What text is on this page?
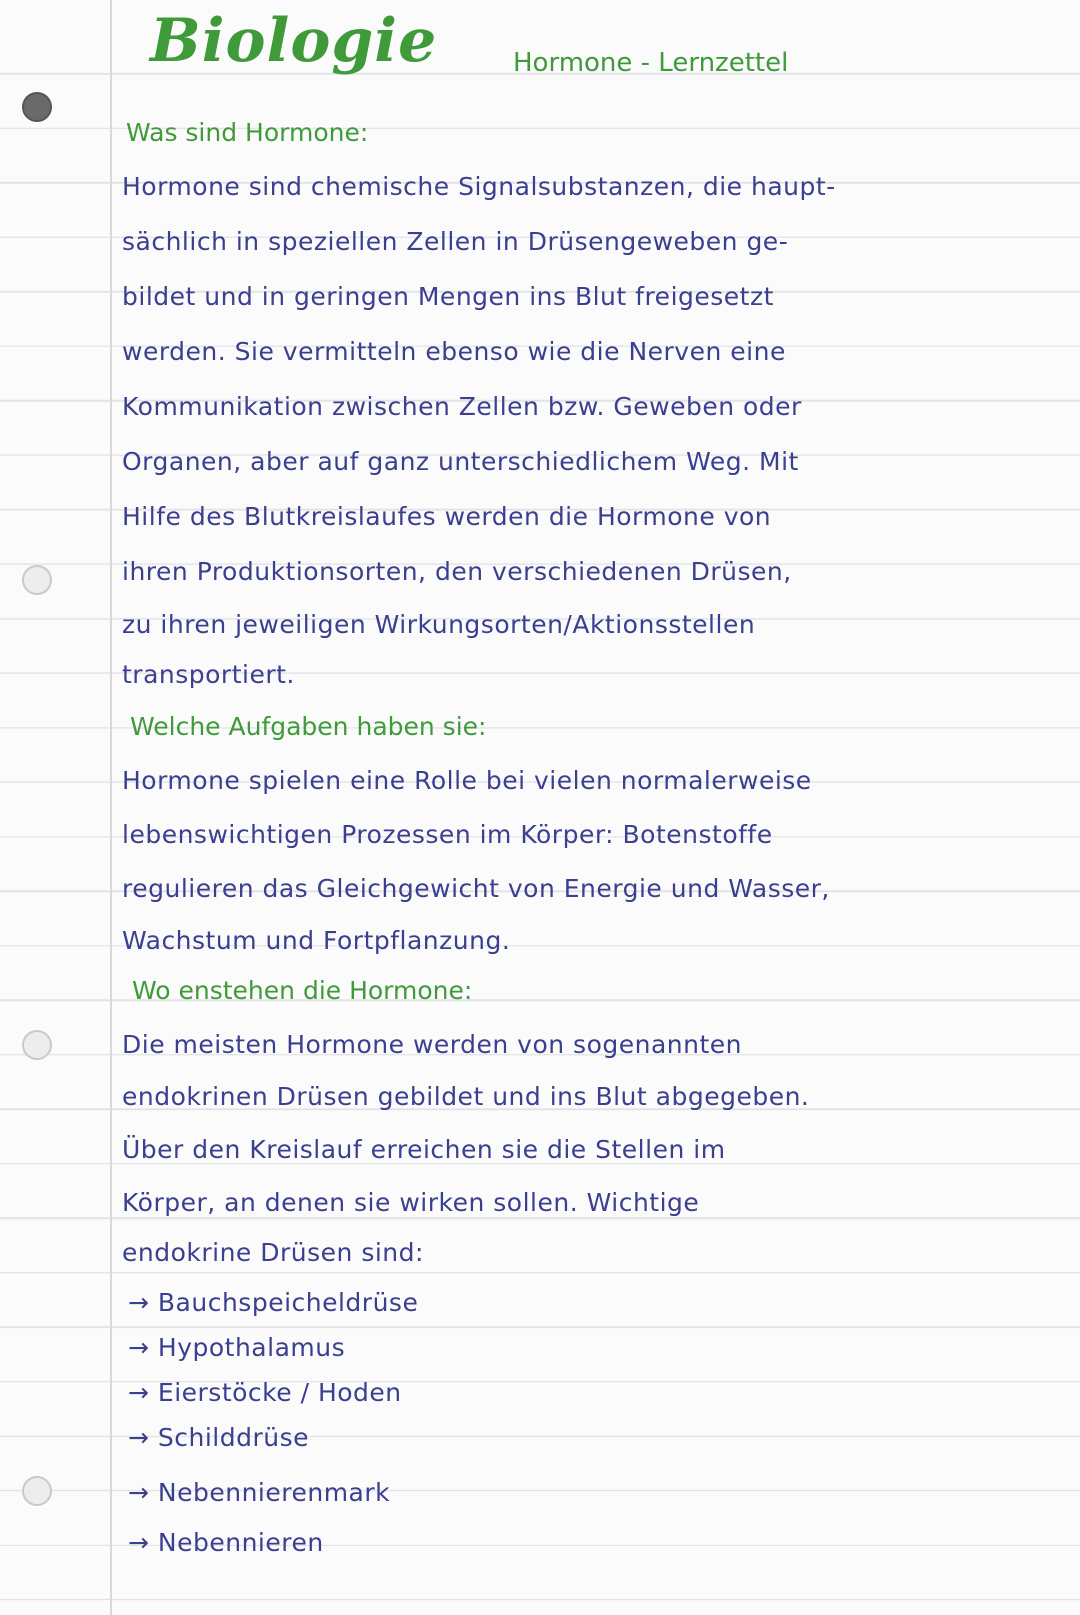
Biologie	Hormone - Lernzettel
Was sind Hormone:
Hormone sind chemische Signalsubstanzen, die haupt-
sächlich in speziellen Zellen in Drüsengeweben ge-
bildet und in geringen Mengen ins Blut freigesetzt
werden. Sie vermitteln ebenso wie die Nerven eine
Kommunikation zwischen Zellen bzw. Geweben oder
Organen, aber auf ganz unterschiedlichem Weg. Mit
Hilfe des Blutkreislaufes werden die Hormone von
ihren Produktionsorten, den verschiedenen Drüsen,
zu ihren jeweiligen Wirkungsorten/Aktionsstellen
transportiert.
Welche Aufgaben haben sie:
Hormone spielen eine Rolle bei vielen normalerweise
lebenswichtigen Prozessen im Körper: Botenstoffe
regulieren das Gleichgewicht von Energie und Wasser,
Wachstum und Fortpflanzung.
Wo enstehen die Hormone:
Die meisten Hormone werden von sogenannten
endokrinen Drüsen gebildet und ins Blut abgegeben.
Über den Kreislauf erreichen sie die Stellen im
Körper, an denen sie wirken sollen. Wichtige
endokrine Drüsen sind:
→ Bauchspeicheldrüse
→ Hypothalamus
→ Eierstöcke / Hoden
→ Schilddrüse
→ Nebennierenmark
→ Nebennieren
